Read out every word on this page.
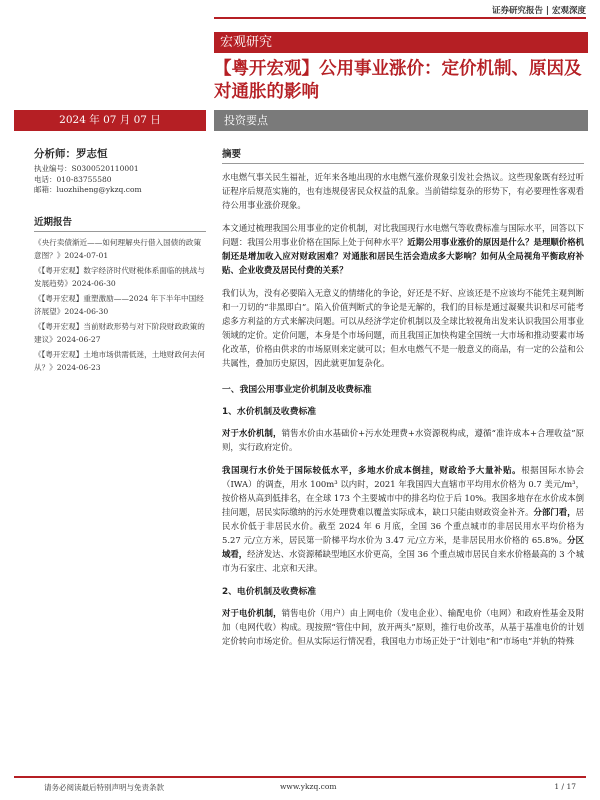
证券研究报告 | 宏观深度
宏观研究
【粤开宏观】公用事业涨价：定价机制、原因及对通胀的影响
2024 年 07 月 07 日	投资要点
分析师：罗志恒
执业编号：S0300520110001
电话：010-83755580
邮箱：luozhiheng@ykzq.com
近期报告
《央行卖债渐近——如何理解央行借入国债的政策意图？》2024-07-01
《【粤开宏观】数字经济时代财税体系面临的挑战与发展趋势》2024-06-30
《【粤开宏观】重塑激励——2024 年下半年中国经济展望》2024-06-30
《【粤开宏观】当前财政形势与对下阶段财政政策的建议》2024-06-27
《【粤开宏观】土地市场供需低迷，土地财政何去何从？》2024-06-23
摘要

水电燃气事关民生福祉，近年来各地出现的水电燃气涨价现象引发社会热议。这些现象既有经过听证程序后规范实施的，也有违规侵害民众权益的乱象。当前错综复杂的形势下，有必要理性客观看待公用事业涨价现象。

本文通过梳理我国公用事业的定价机制，对比我国现行水电燃气等收费标准与国际水平，回答以下问题：我国公用事业价格在国际上处于何种水平？近期公用事业涨价的原因是什么？是理顺价格机制还是增加收入应对财政困难？对通胀和居民生活会造成多大影响？如何从全局视角平衡政府补贴、企业收费及居民付费的关系？

我们认为，没有必要陷入无意义的情绪化的争论，好还是不好、应该还是不应该均不能凭主观判断和一刀切的“非黑即白”。陷入价值判断式的争论是无解的，我们的目标是通过凝聚共识和尽可能考虑多方利益的方式来解决问题。可以从经济学定价机制以及全球比较视角出发来认识我国公用事业领域的定价。定价问题，本身是个市场问题，而且我国正加快构建全国统一大市场和推动要素市场化改革，价格由供求的市场原则来定就可以；但水电燃气不是一般意义的商品，有一定的公益和公共属性，叠加历史原因，因此就更加复杂化。

一、我国公用事业定价机制及收费标准
1、水价机制及收费标准

对于水价机制，销售水价由水基础价+污水处理费+水资源税构成，遵循“准许成本+合理收益”原则，实行政府定价。

我国现行水价处于国际较低水平，多地水价成本倒挂，财政给予大量补贴。根据国际水协会（IWA）的调查，用水 100m³ 以内时，2021 年我国四大直辖市平均用水价格为 0.7 美元/m³，按价格从高到低排名，在全球 173 个主要城市中的排名均位于后 10%。我国多地存在水价成本倒挂问题，居民实际缴纳的污水处理费难以覆盖实际成本，缺口只能由财政资金补齐。分部门看，居民水价低于非居民水价。截至 2024 年 6 月底，全国 36 个重点城市的非居民用水平均价格为 5.27 元/立方米，居民第一阶梯平均水价为 3.47 元/立方米，是非居民用水价格的 65.8%。分区域看，经济发达、水资源稀缺型地区水价更高，全国 36 个重点城市居民自来水价格最高的 3 个城市为石家庄、北京和天津。

2、电价机制及收费标准

对于电价机制，销售电价（用户）由上网电价（发电企业）、输配电价（电网）和政府性基金及附加（电网代收）构成。现按照“管住中间，放开两头”原则，推行电价改革，从基于基准电价的计划定价转向市场定价。但从实际运行情况看，我国电力市场正处于“计划电”和“市场电”并轨的特殊

请务必阅读最后特别声明与免责条款	www.ykzq.com	1 / 17
